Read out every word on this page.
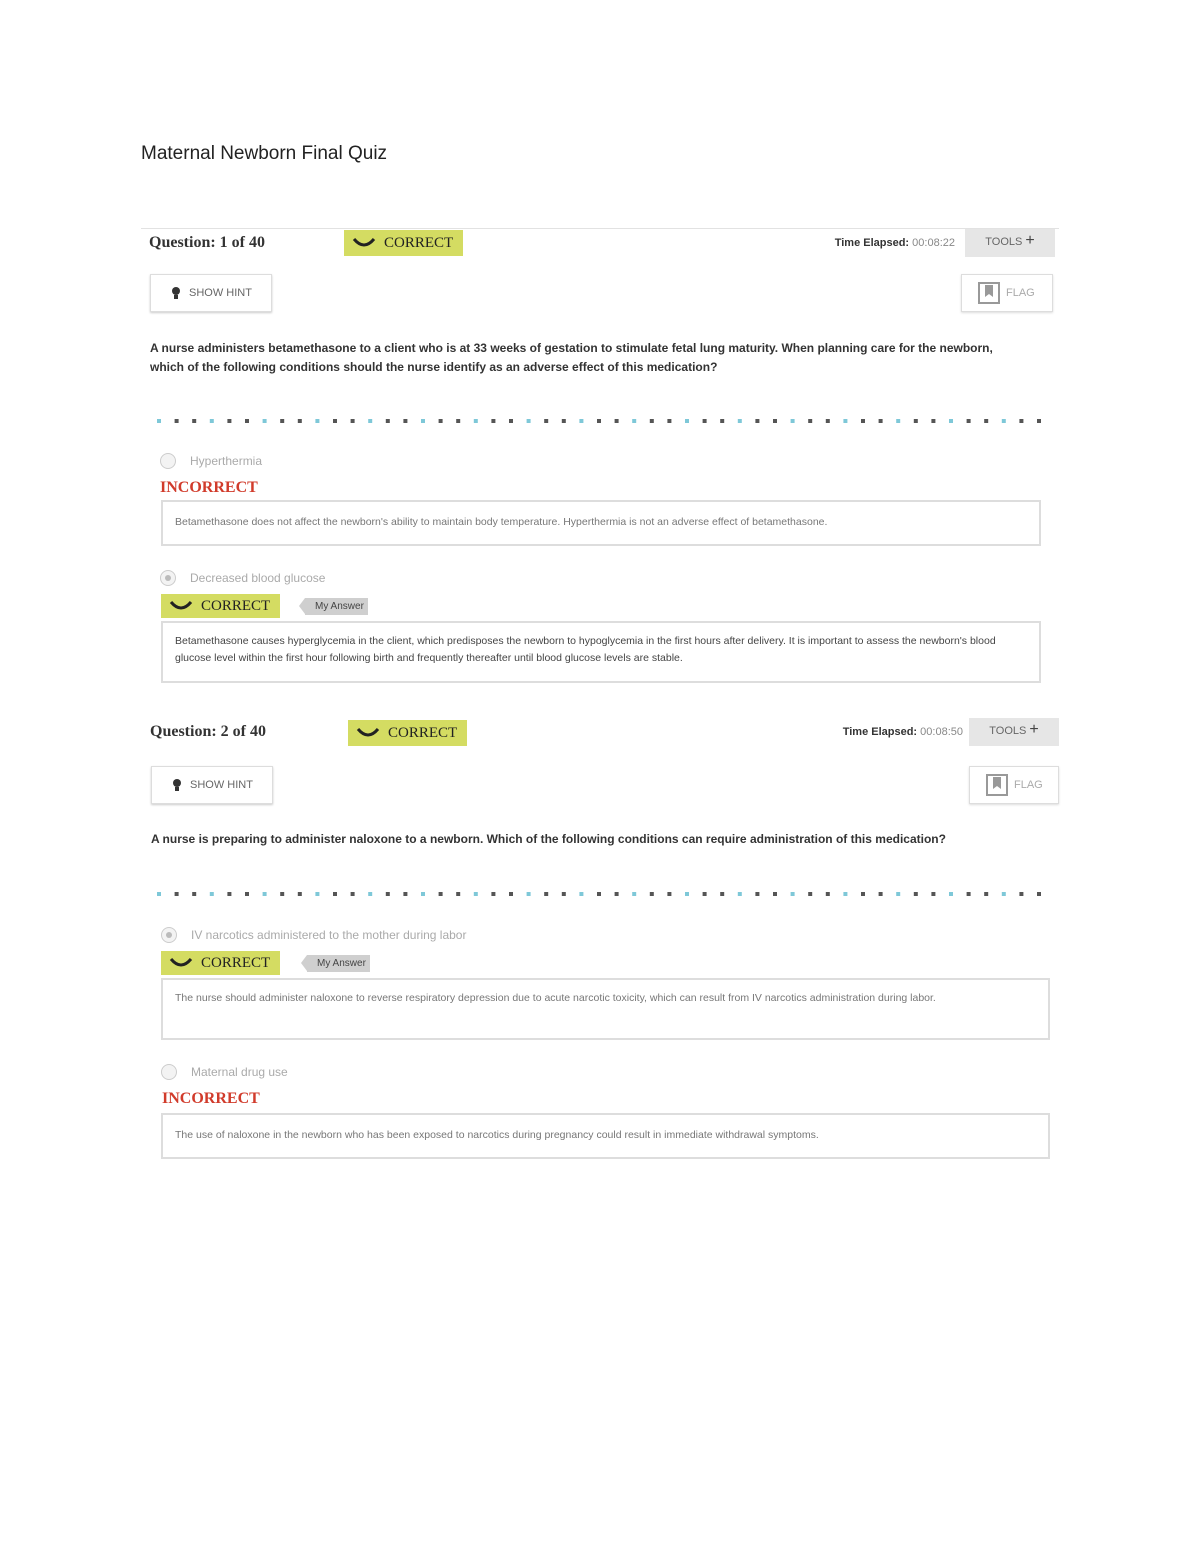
Maternal Newborn Final Quiz
Question: 1 of 40	CORRECT	Time Elapsed: 00:08:22	TOOLS +
SHOW HINT	FLAG
A nurse administers betamethasone to a client who is at 33 weeks of gestation to stimulate fetal lung maturity. When planning care for the newborn, which of the following conditions should the nurse identify as an adverse effect of this medication?
Hyperthermia
INCORRECT
Betamethasone does not affect the newborn's ability to maintain body temperature. Hyperthermia is not an adverse effect of betamethasone.
Decreased blood glucose
CORRECT	My Answer
Betamethasone causes hyperglycemia in the client, which predisposes the newborn to hypoglycemia in the first hours after delivery. It is important to assess the newborn's blood glucose level within the first hour following birth and frequently thereafter until blood glucose levels are stable.
Question: 2 of 40	CORRECT	Time Elapsed: 00:08:50	TOOLS +
SHOW HINT	FLAG
A nurse is preparing to administer naloxone to a newborn. Which of the following conditions can require administration of this medication?
IV narcotics administered to the mother during labor
CORRECT	My Answer
The nurse should administer naloxone to reverse respiratory depression due to acute narcotic toxicity, which can result from IV narcotics administration during labor.
Maternal drug use
INCORRECT
The use of naloxone in the newborn who has been exposed to narcotics during pregnancy could result in immediate withdrawal symptoms.
